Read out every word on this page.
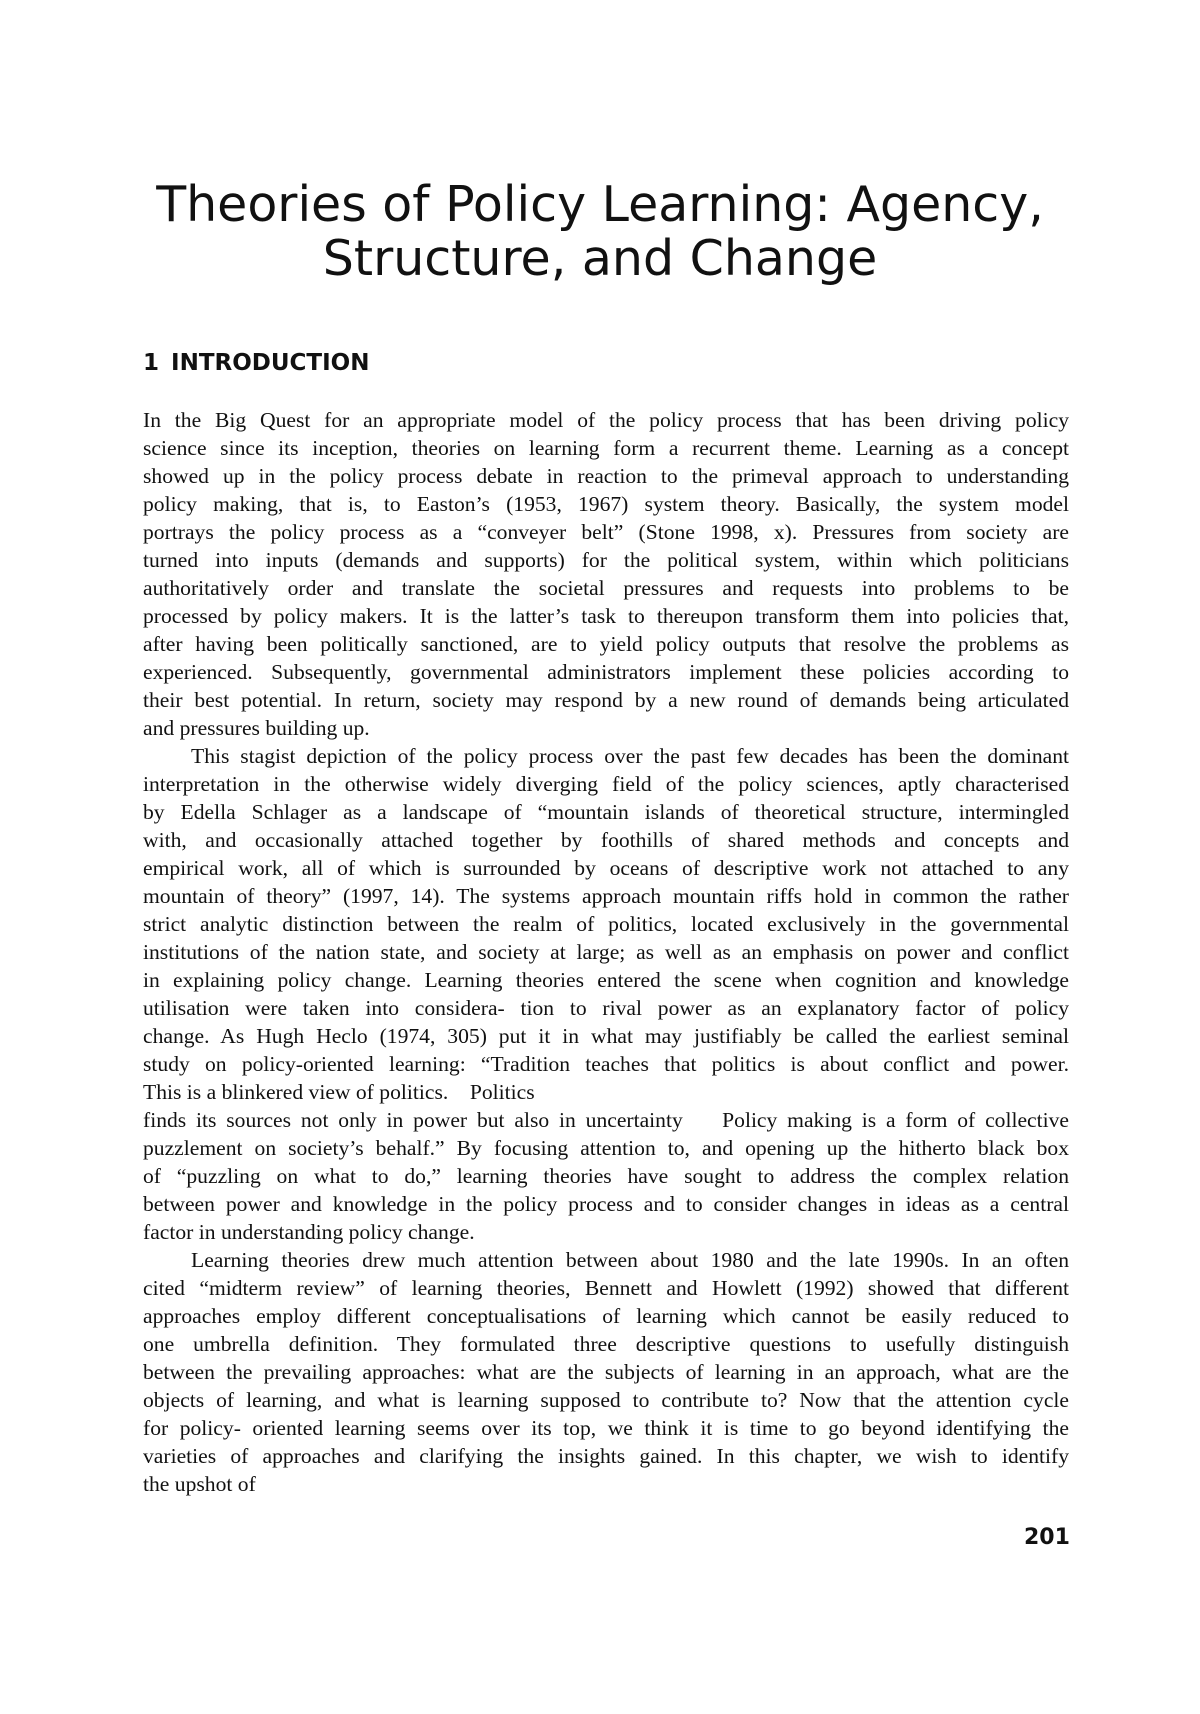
Theories of Policy Learning: Agency,
Structure, and Change
1 INTRODUCTION
In the Big Quest for an appropriate model of the policy process that has been driving policy
science since its inception, theories on learning form a recurrent theme. Learning as a concept
showed up in the policy process debate in reaction to the primeval approach to understanding
policy making, that is, to Easton’s (1953, 1967) system theory. Basically, the system model
portrays the policy process as a “conveyer belt” (Stone 1998, x). Pressures from society are
turned into inputs (demands and supports) for the political system, within which politicians
authoritatively order and translate the societal pressures and requests into problems to be
processed by policy makers. It is the latter’s task to thereupon transform them into policies that,
after having been politically sanctioned, are to yield policy outputs that resolve the problems as
experienced. Subsequently, governmental administrators implement these policies according to
their best potential. In return, society may respond by a new round of demands being articulated
and pressures building up.
This stagist depiction of the policy process over the past few decades has been the dominant
interpretation in the otherwise widely diverging field of the policy sciences, aptly characterised
by Edella Schlager as a landscape of “mountain islands of theoretical structure, intermingled
with, and occasionally attached together by foothills of shared methods and concepts and
empirical work, all of which is surrounded by oceans of descriptive work not attached to any
mountain of theory” (1997, 14). The systems approach mountain riffs hold in common the rather
strict analytic distinction between the realm of politics, located exclusively in the governmental
institutions of the nation state, and society at large; as well as an emphasis on power and conflict
in explaining policy change. Learning theories entered the scene when cognition and knowledge
utilisation were taken into considera- tion to rival power as an explanatory factor of policy
change. As Hugh Heclo (1974, 305) put it in what may justifiably be called the earliest seminal
study on policy-oriented learning: “Tradition teaches that politics is about conflict and power.
This is a blinkered view of politics.    Politics
finds its sources not only in power but also in uncertainty    Policy making is a form of collective
puzzlement on society’s behalf.” By focusing attention to, and opening up the hitherto black box
of “puzzling on what to do,” learning theories have sought to address the complex relation
between power and knowledge in the policy process and to consider changes in ideas as a central
factor in understanding policy change.
Learning theories drew much attention between about 1980 and the late 1990s. In an often
cited “midterm review” of learning theories, Bennett and Howlett (1992) showed that different
approaches employ different conceptualisations of learning which cannot be easily reduced to
one umbrella definition. They formulated three descriptive questions to usefully distinguish
between the prevailing approaches: what are the subjects of learning in an approach, what are the
objects of learning, and what is learning supposed to contribute to? Now that the attention cycle
for policy- oriented learning seems over its top, we think it is time to go beyond identifying the
varieties of approaches and clarifying the insights gained. In this chapter, we wish to identify
the upshot of
201
